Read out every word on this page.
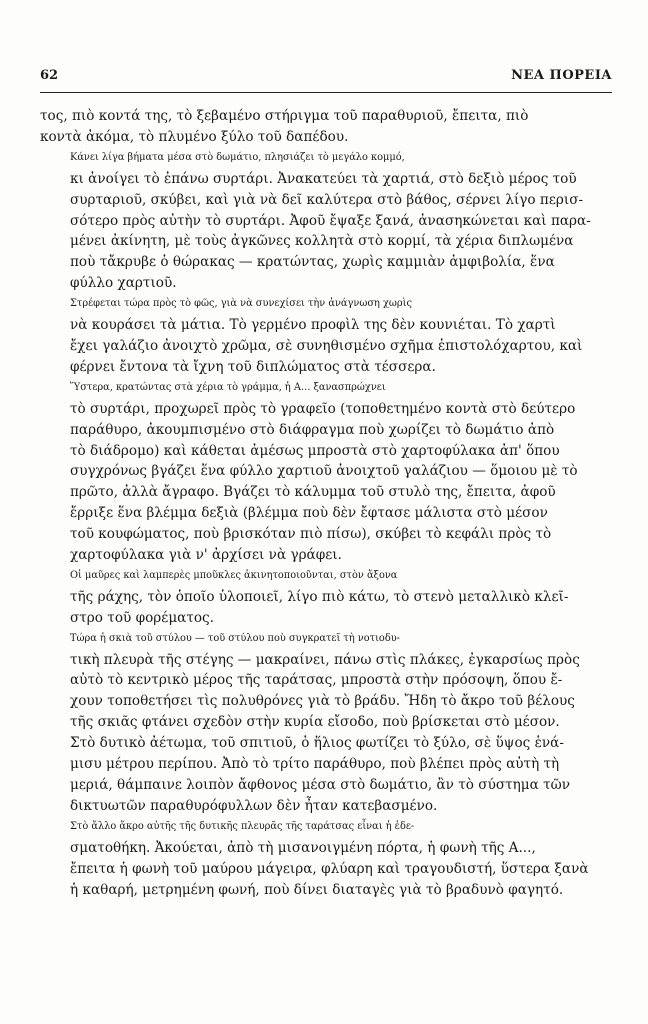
62	ΝΕΑ ΠΟΡΕΙΑ

τος, πιὸ κοντά της, τὸ ξεβαμένο στήριγμα τοῦ παραθυριοῦ, ἔπειτα, πιὸ
κοντὰ ἀκόμα, τὸ πλυμένο ξύλο τοῦ δαπέδου.

Κάνει λίγα βήματα μέσα στὸ δωμάτιο, πλησιάζει τὸ μεγάλο κομμό,
κι ἀνοίγει τὸ ἐπάνω συρτάρι. Ἀνακατεύει τὰ χαρτιά, στὸ δεξιὸ μέρος τοῦ
συρταριοῦ, σκύβει, καὶ γιὰ νὰ δεῖ καλύτερα στὸ βάθος, σέρνει λίγο περισ-
σότερο πρὸς αὐτὴν τὸ συρτάρι. Ἀφοῦ ἔψαξε ξανά, ἀνασηκώνεται καὶ παρα-
μένει ἀκίνητη, μὲ τοὺς ἀγκῶνες κολλητὰ στὸ κορμί, τὰ χέρια διπλωμένα
ποὺ τἄκρυβε ὁ θώρακας — κρατώντας, χωρὶς καμμιὰν ἀμφιβολία, ἕνα
φύλλο χαρτιοῦ.

Στρέφεται τώρα πρὸς τὸ φῶς, γιὰ νὰ συνεχίσει τὴν ἀνάγνωση χωρὶς
νὰ κουράσει τὰ μάτια. Τὸ γερμένο προφὶλ της δὲν κουνιέται. Τὸ χαρτὶ
ἔχει γαλάζιο ἀνοιχτὸ χρῶμα, σὲ συνηθισμένο σχῆμα ἐπιστολόχαρτου, καὶ
φέρνει ἔντονα τὰ ἴχνη τοῦ διπλώματος στὰ τέσσερα.

Ὕστερα, κρατώντας στὰ χέρια τὸ γράμμα, ἡ Α... ξανασπρώχνει
τὸ συρτάρι, προχωρεῖ πρὸς τὸ γραφεῖο (τοποθετημένο κοντὰ στὸ δεύτερο
παράθυρο, ἀκουμπισμένο στὸ διάφραγμα ποὺ χωρίζει τὸ δωμάτιο ἀπὸ
τὸ διάδρομο) καὶ κάθεται ἀμέσως μπροστὰ στὸ χαρτοφύλακα ἀπ' ὅπου
συγχρόνως βγάζει ἕνα φύλλο χαρτιοῦ ἀνοιχτοῦ γαλάζιου — ὅμοιου μὲ τὸ
πρῶτο, ἀλλὰ ἄγραφο. Βγάζει τὸ κάλυμμα τοῦ στυλὸ της, ἔπειτα, ἀφοῦ
ἔρριξε ἕνα βλέμμα δεξιὰ (βλέμμα ποὺ δὲν ἔφτασε μάλιστα στὸ μέσον
τοῦ κουφώματος, ποὺ βρισκόταν πιὸ πίσω), σκύβει τὸ κεφάλι πρὸς τὸ
χαρτοφύλακα γιὰ ν' ἀρχίσει νὰ γράφει.

Οἱ μαῦρες καὶ λαμπερὲς μποῦκλες ἀκινητοποιοῦνται, στὸν ἄξονα
τῆς ράχης, τὸν ὁποῖο ὑλοποιεῖ, λίγο πιὸ κάτω, τὸ στενὸ μεταλλικὸ κλεῖ-
στρο τοῦ φορέματος.

Τώρα ἡ σκιὰ τοῦ στύλου — τοῦ στύλου ποὺ συγκρατεῖ τὴ νοτιοδυ-
τικὴ πλευρὰ τῆς στέγης — μακραίνει, πάνω στὶς πλάκες, ἐγκαρσίως πρὸς
αὐτὸ τὸ κεντρικὸ μέρος τῆς ταράτσας, μπροστὰ στὴν πρόσοψη, ὅπου ἔ-
χουν τοποθετήσει τὶς πολυθρόνες γιὰ τὸ βράδυ. Ἤδη τὸ ἄκρο τοῦ βέλους
τῆς σκιᾶς φτάνει σχεδὸν στὴν κυρία εἴσοδο, ποὺ βρίσκεται στὸ μέσον.
Στὸ δυτικὸ ἀέτωμα, τοῦ σπιτιοῦ, ὁ ἥλιος φωτίζει τὸ ξύλο, σὲ ὕψος ἑνά-
μισυ μέτρου περίπου. Ἀπὸ τὸ τρίτο παράθυρο, ποὺ βλέπει πρὸς αὐτὴ τὴ
μεριά, θάμπαινε λοιπὸν ἄφθονος μέσα στὸ δωμάτιο, ἂν τὸ σύστημα τῶν
δικτυωτῶν παραθυρόφυλλων δὲν ἦταν κατεβασμένο.

Στὸ ἄλλο ἄκρο αὐτῆς τῆς δυτικῆς πλευρᾶς τῆς ταράτσας εἶναι ἡ ἐδε-
σματοθήκη. Ἀκούεται, ἀπὸ τὴ μισανοιγμένη πόρτα, ἡ φωνὴ τῆς Α...,
ἔπειτα ἡ φωνὴ τοῦ μαύρου μάγειρα, φλύαρη καὶ τραγουδιστή, ὕστερα ξανὰ
ἡ καθαρή, μετρημένη φωνή, ποὺ δίνει διαταγὲς γιὰ τὸ βραδυνὸ φαγητό.
